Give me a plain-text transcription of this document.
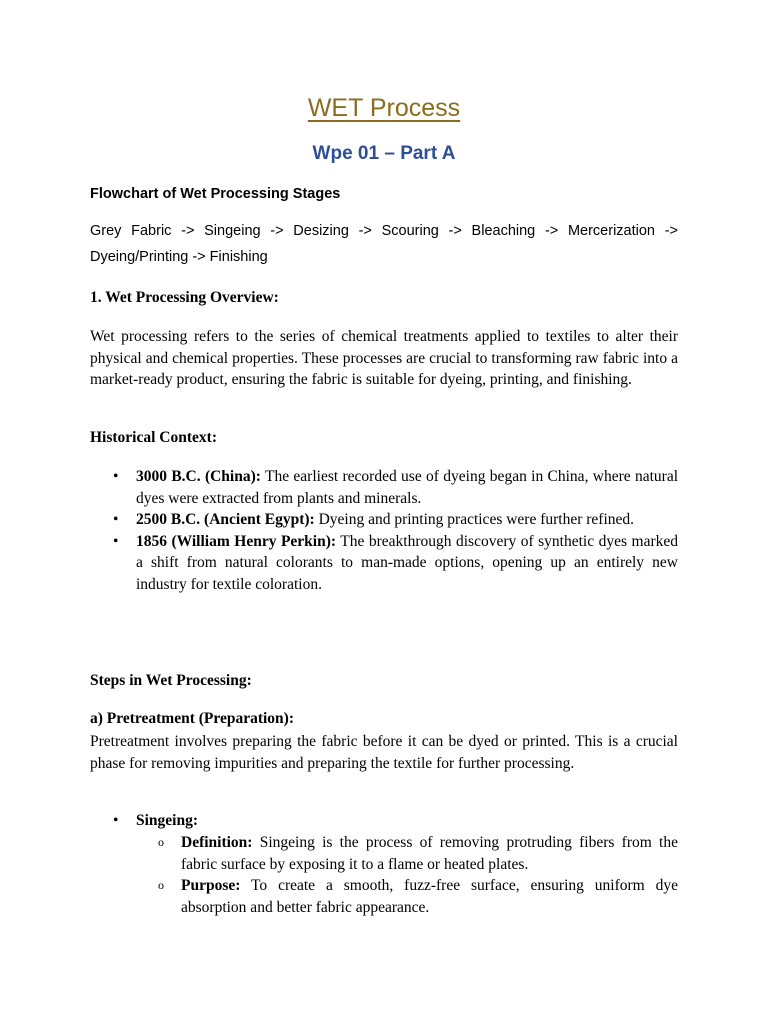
WET Process
Wpe 01 – Part A
Flowchart of Wet Processing Stages
Grey Fabric -> Singeing -> Desizing -> Scouring -> Bleaching -> Mercerization ->
Dyeing/Printing -> Finishing
1. Wet Processing Overview:

Wet processing refers to the series of chemical treatments applied to textiles to alter their physical and chemical properties. These processes are crucial to transforming raw fabric into a market-ready product, ensuring the fabric is suitable for dyeing, printing, and finishing.

Historical Context:
• 3000 B.C. (China): The earliest recorded use of dyeing began in China, where natural dyes were extracted from plants and minerals.
• 2500 B.C. (Ancient Egypt): Dyeing and printing practices were further refined.
• 1856 (William Henry Perkin): The breakthrough discovery of synthetic dyes marked a shift from natural colorants to man-made options, opening up an entirely new industry for textile coloration.
Steps in Wet Processing:
a) Pretreatment (Preparation):

Pretreatment involves preparing the fabric before it can be dyed or printed. This is a crucial phase for removing impurities and preparing the textile for further processing.

• Singeing:
o Definition: Singeing is the process of removing protruding fibers from the fabric surface by exposing it to a flame or heated plates.
o Purpose: To create a smooth, fuzz-free surface, ensuring uniform dye absorption and better fabric appearance.
